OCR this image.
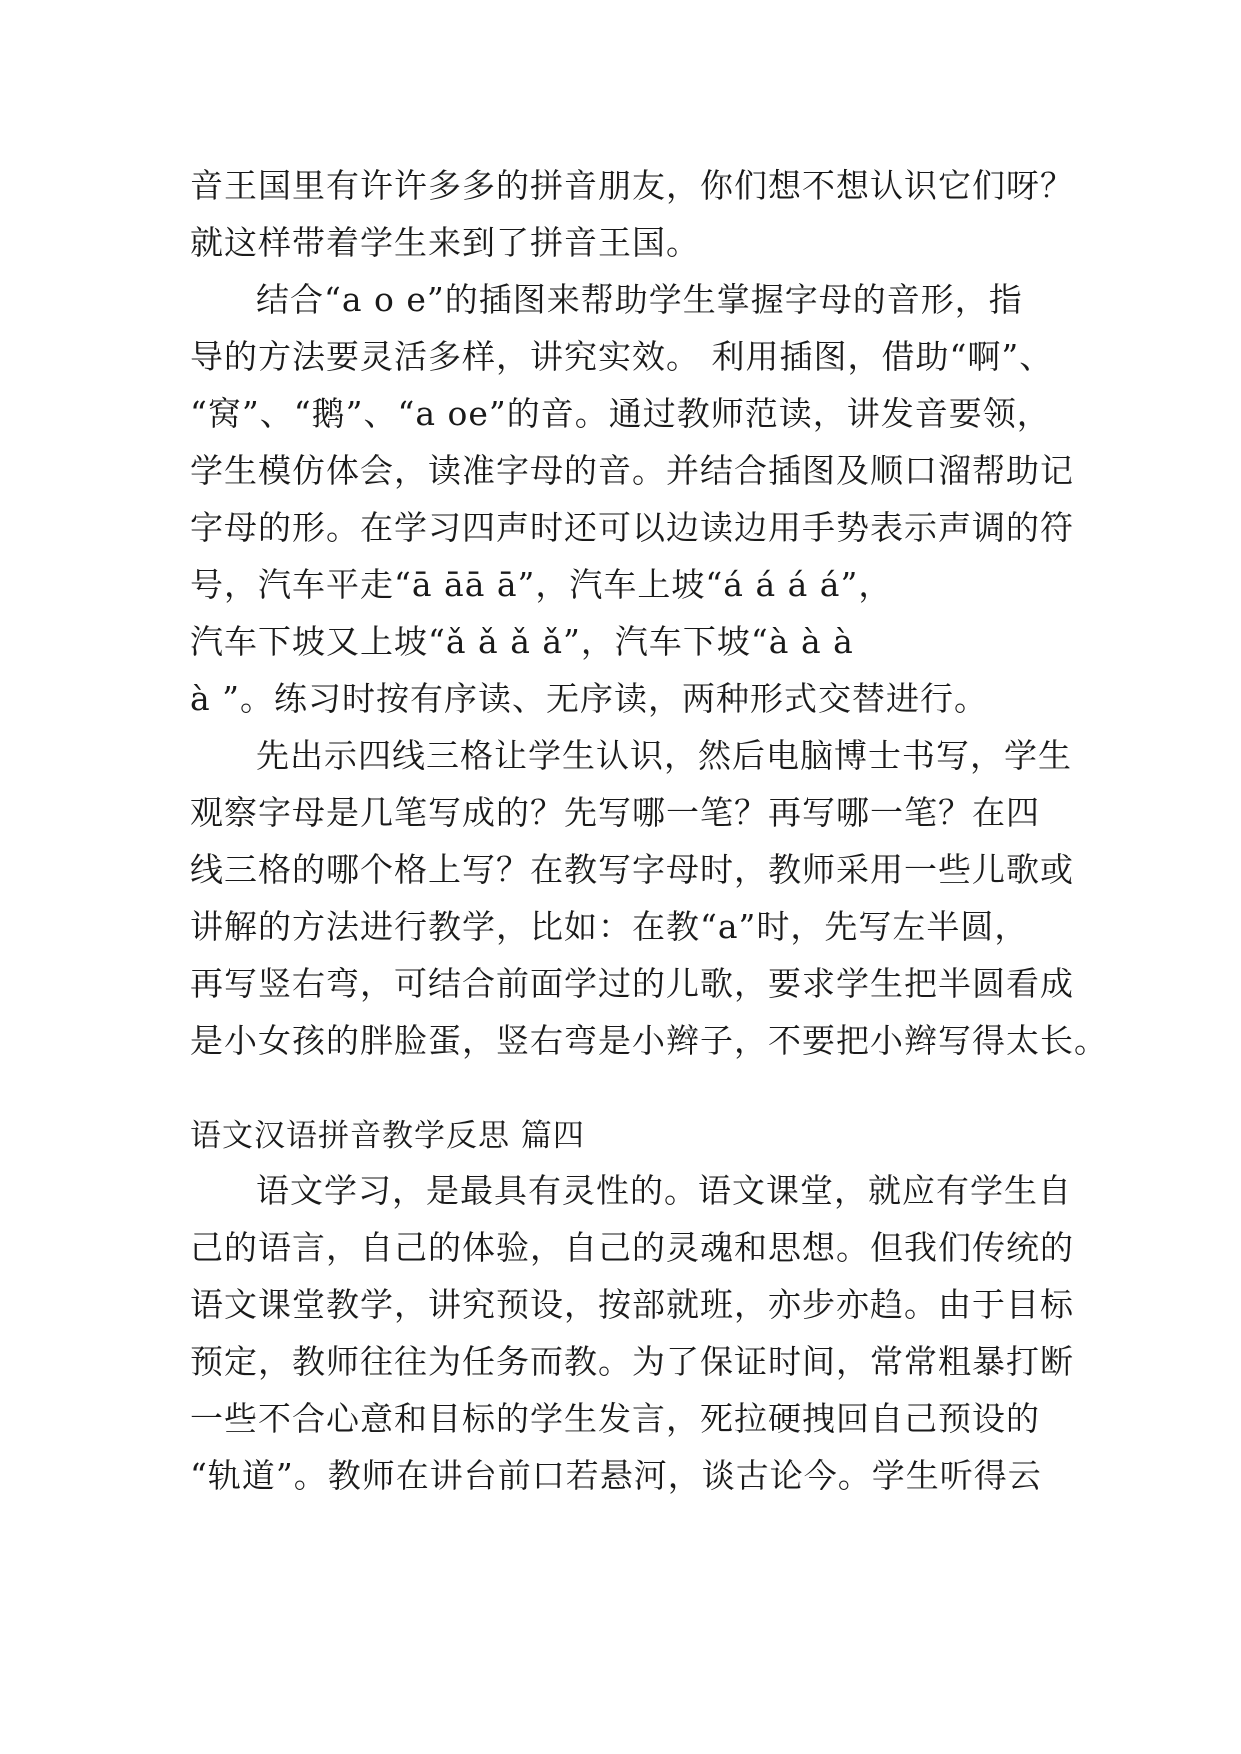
音王国里有许许多多的拼音朋友，你们想不想认识它们呀？
就这样带着学生来到了拼音王国。
结合“a o e”的插图来帮助学生掌握字母的音形，指
导的方法要灵活多样，讲究实效。 利用插图，借助“啊”、
“窝”、“鹅”、“a oe”的音。通过教师范读，讲发音要领，
学生模仿体会，读准字母的音。并结合插图及顺口溜帮助记
字母的形。在学习四声时还可以边读边用手势表示声调的符
号，汽车平走“ā āā ā”，汽车上坡“á á á á”，
汽车下坡又上坡“ǎ ǎ ǎ ǎ”，汽车下坡“à à à
à ”。练习时按有序读、无序读，两种形式交替进行。
先出示四线三格让学生认识，然后电脑博士书写，学生
观察字母是几笔写成的？先写哪一笔？再写哪一笔？在四
线三格的哪个格上写？在教写字母时，教师采用一些儿歌或
讲解的方法进行教学，比如：在教“a”时，先写左半圆，
再写竖右弯，可结合前面学过的儿歌，要求学生把半圆看成
是小女孩的胖脸蛋，竖右弯是小辫子，不要把小辫写得太长。
语文汉语拼音教学反思 篇四
语文学习，是最具有灵性的。语文课堂，就应有学生自
己的语言，自己的体验，自己的灵魂和思想。但我们传统的
语文课堂教学，讲究预设，按部就班，亦步亦趋。由于目标
预定，教师往往为任务而教。为了保证时间，常常粗暴打断
一些不合心意和目标的学生发言，死拉硬拽回自己预设的
“轨道”。教师在讲台前口若悬河，谈古论今。学生听得云
